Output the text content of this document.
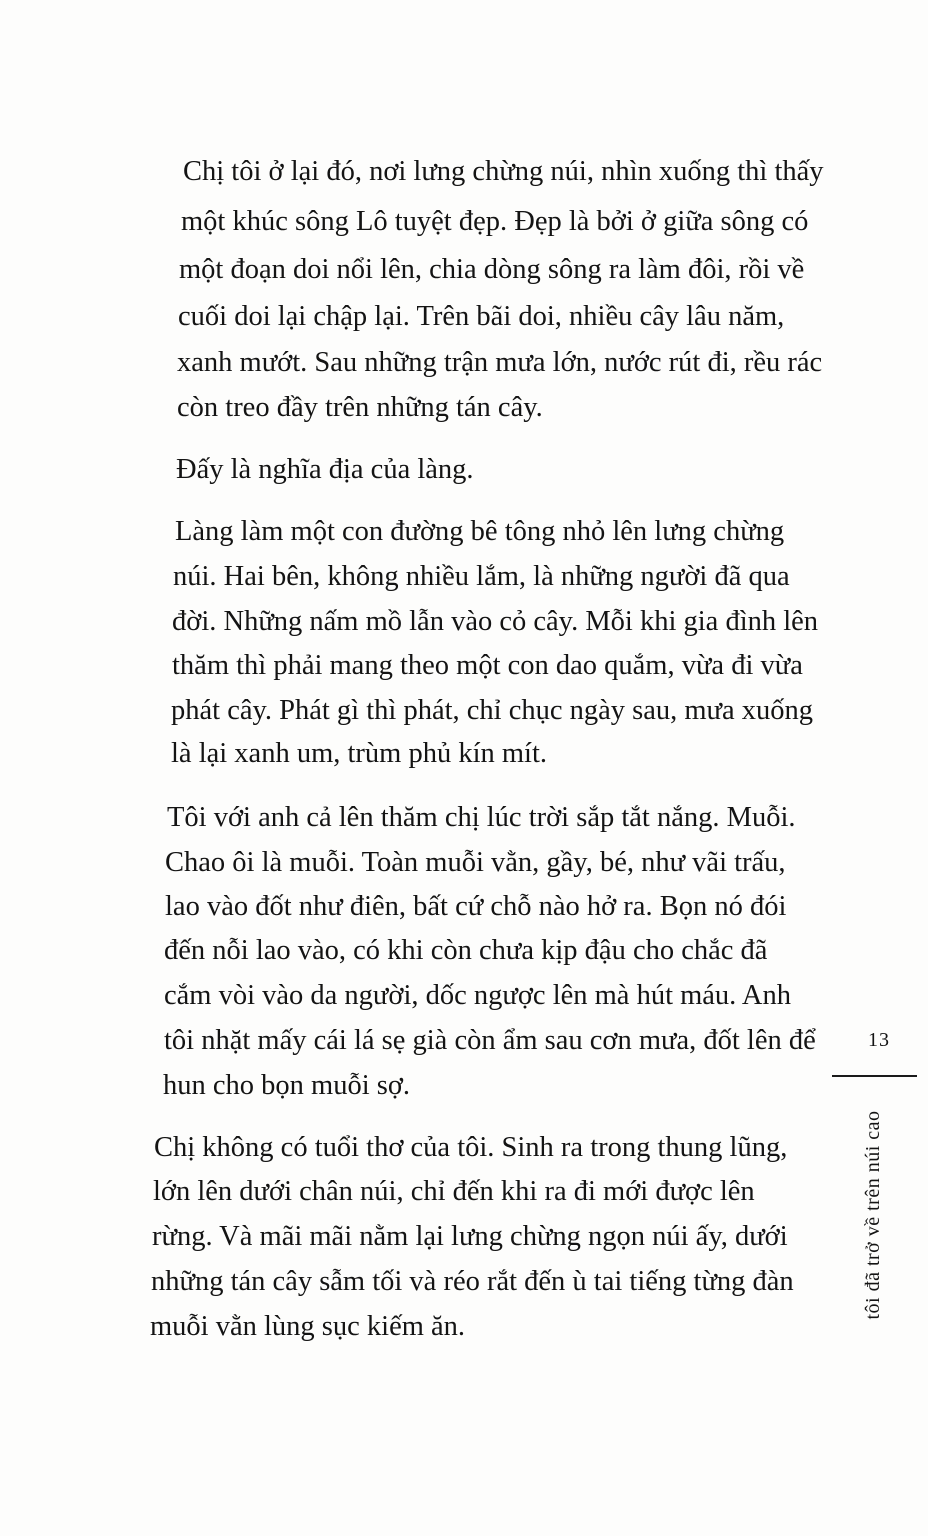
Chị tôi ở lại đó, nơi lưng chừng núi, nhìn xuống thì thấy
một khúc sông Lô tuyệt đẹp. Đẹp là bởi ở giữa sông có
một đoạn doi nổi lên, chia dòng sông ra làm đôi, rồi về
cuối doi lại chập lại. Trên bãi doi, nhiều cây lâu năm,
xanh mướt. Sau những trận mưa lớn, nước rút đi, rều rác
còn treo đầy trên những tán cây.
Đấy là nghĩa địa của làng.
Làng làm một con đường bê tông nhỏ lên lưng chừng
núi. Hai bên, không nhiều lắm, là những người đã qua
đời. Những nấm mồ lẫn vào cỏ cây. Mỗi khi gia đình lên
thăm thì phải mang theo một con dao quắm, vừa đi vừa
phát cây. Phát gì thì phát, chỉ chục ngày sau, mưa xuống
là lại xanh um, trùm phủ kín mít.
Tôi với anh cả lên thăm chị lúc trời sắp tắt nắng. Muỗi.
Chao ôi là muỗi. Toàn muỗi vằn, gầy, bé, như vãi trấu,
lao vào đốt như điên, bất cứ chỗ nào hở ra. Bọn nó đói
đến nỗi lao vào, có khi còn chưa kịp đậu cho chắc đã
cắm vòi vào da người, dốc ngược lên mà hút máu. Anh
tôi nhặt mấy cái lá sẹ già còn ẩm sau cơn mưa, đốt lên để
hun cho bọn muỗi sợ.
Chị không có tuổi thơ của tôi. Sinh ra trong thung lũng,
lớn lên dưới chân núi, chỉ đến khi ra đi mới được lên
rừng. Và mãi mãi nằm lại lưng chừng ngọn núi ấy, dưới
những tán cây sẫm tối và réo rắt đến ù tai tiếng từng đàn
muỗi vằn lùng sục kiếm ăn.
13
tôi đã trở về trên núi cao
